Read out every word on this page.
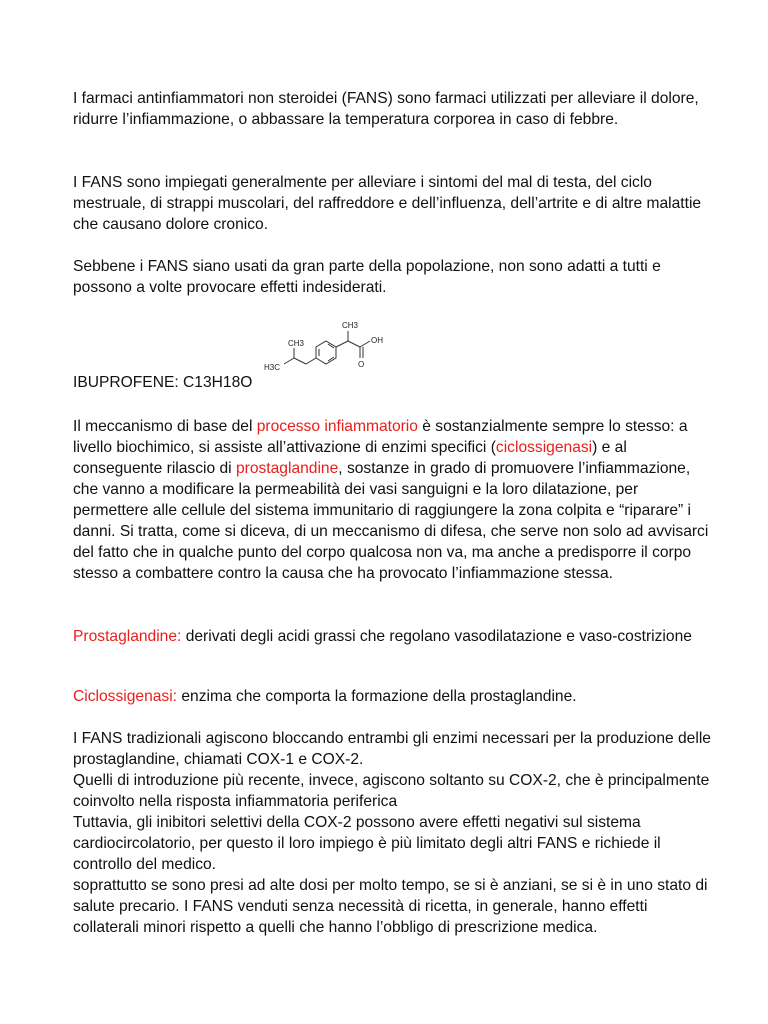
I farmaci antinfiammatori non steroidei (FANS) sono farmaci utilizzati per alleviare il dolore, ridurre l’infiammazione, o abbassare la temperatura corporea in caso di febbre.

I FANS sono impiegati generalmente per alleviare i sintomi del mal di testa, del ciclo mestruale, di strappi muscolari, del raffreddore e dell’influenza, dell’artrite e di altre malattie che causano dolore cronico.

Sebbene i FANS siano usati da gran parte della popolazione, non sono adatti a tutti e possono a volte provocare effetti indesiderati.

CH3
OH
O
H3C
CH3

IBUPROFENE: C13H18O

Il meccanismo di base del processo infiammatorio è sostanzialmente sempre lo stesso: a livello biochimico, si assiste all’attivazione di enzimi specifici (ciclossigenasi) e al conseguente rilascio di prostaglandine, sostanze in grado di promuovere l’infiammazione, che vanno a modificare la permeabilità dei vasi sanguigni e la loro dilatazione, per permettere alle cellule del sistema immunitario di raggiungere la zona colpita e “riparare” i danni. Si tratta, come si diceva, di un meccanismo di difesa, che serve non solo ad avvisarci del fatto che in qualche punto del corpo qualcosa non va, ma anche a predisporre il corpo stesso a combattere contro la causa che ha provocato l’infiammazione stessa.

Prostaglandine: derivati degli acidi grassi che regolano vasodilatazione e vaso-costrizione

Ciclossigenasi: enzima che comporta la formazione della prostaglandine.

I FANS tradizionali agiscono bloccando entrambi gli enzimi necessari per la produzione delle prostaglandine, chiamati COX-1 e COX-2.
Quelli di introduzione più recente, invece, agiscono soltanto su COX-2, che è principalmente coinvolto nella risposta infiammatoria periferica
Tuttavia, gli inibitori selettivi della COX-2 possono avere effetti negativi sul sistema cardiocircolatorio, per questo il loro impiego è più limitato degli altri FANS e richiede il controllo del medico.
soprattutto se sono presi ad alte dosi per molto tempo, se si è anziani, se si è in uno stato di salute precario. I FANS venduti senza necessità di ricetta, in generale, hanno effetti collaterali minori rispetto a quelli che hanno l’obbligo di prescrizione medica.
